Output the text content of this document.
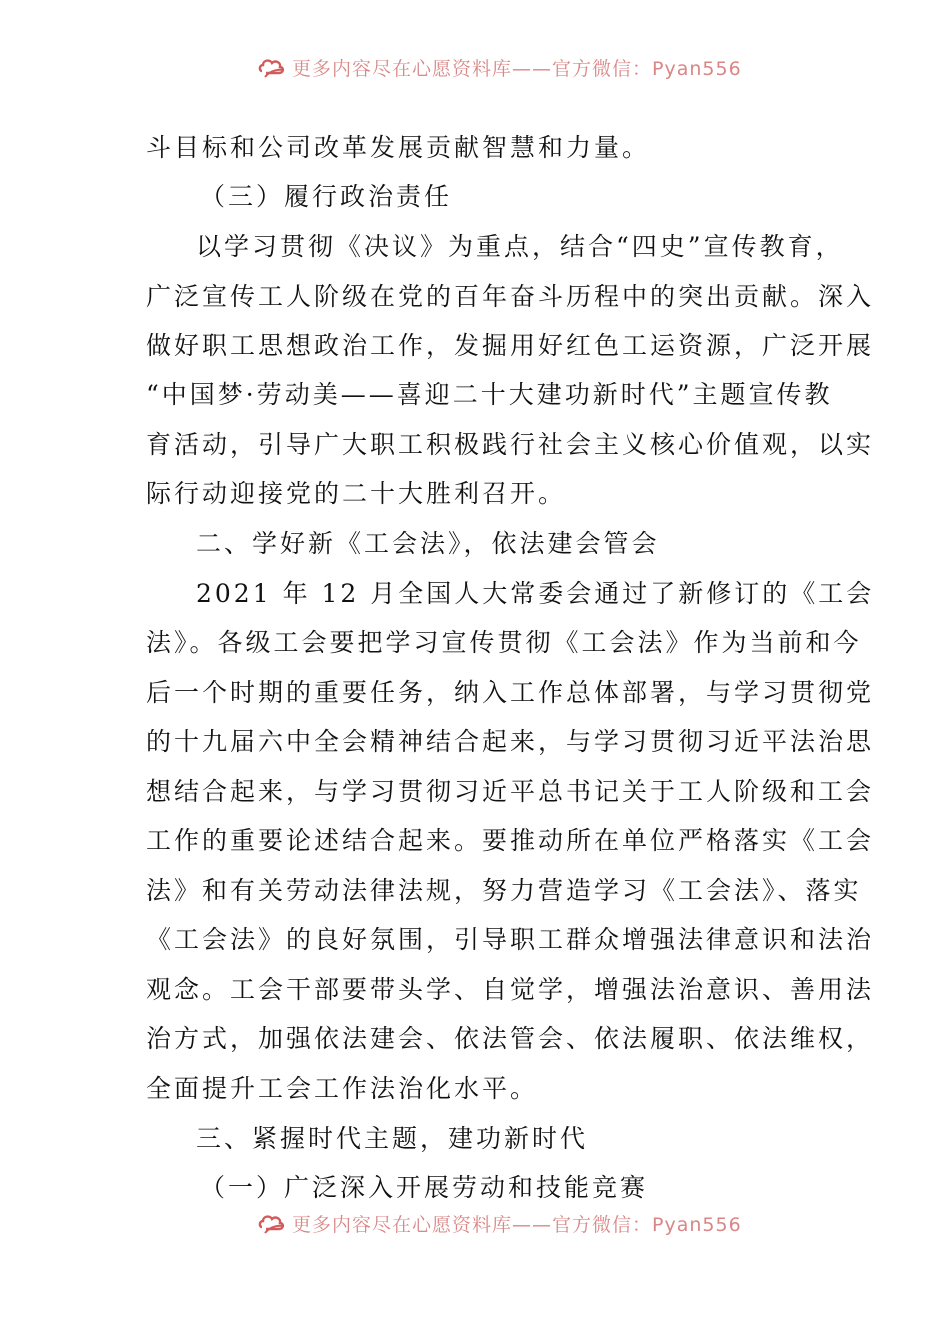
更多内容尽在心愿资料库——官方微信：Pyan556
斗目标和公司改革发展贡献智慧和力量。
（三）履行政治责任
以学习贯彻《决议》为重点，结合“四史”宣传教育，
广泛宣传工人阶级在党的百年奋斗历程中的突出贡献。深入
做好职工思想政治工作，发掘用好红色工运资源，广泛开展
“中国梦·劳动美——喜迎二十大建功新时代”主题宣传教
育活动，引导广大职工积极践行社会主义核心价值观，以实
际行动迎接党的二十大胜利召开。
二、学好新《工会法》，依法建会管会
2021 年 12 月全国人大常委会通过了新修订的《工会
法》。各级工会要把学习宣传贯彻《工会法》作为当前和今
后一个时期的重要任务，纳入工作总体部署，与学习贯彻党
的十九届六中全会精神结合起来，与学习贯彻习近平法治思
想结合起来，与学习贯彻习近平总书记关于工人阶级和工会
工作的重要论述结合起来。要推动所在单位严格落实《工会
法》和有关劳动法律法规，努力营造学习《工会法》、落实
《工会法》的良好氛围，引导职工群众增强法律意识和法治
观念。工会干部要带头学、自觉学，增强法治意识、善用法
治方式，加强依法建会、依法管会、依法履职、依法维权，
全面提升工会工作法治化水平。
三、紧握时代主题，建功新时代
（一）广泛深入开展劳动和技能竞赛
更多内容尽在心愿资料库——官方微信：Pyan556
